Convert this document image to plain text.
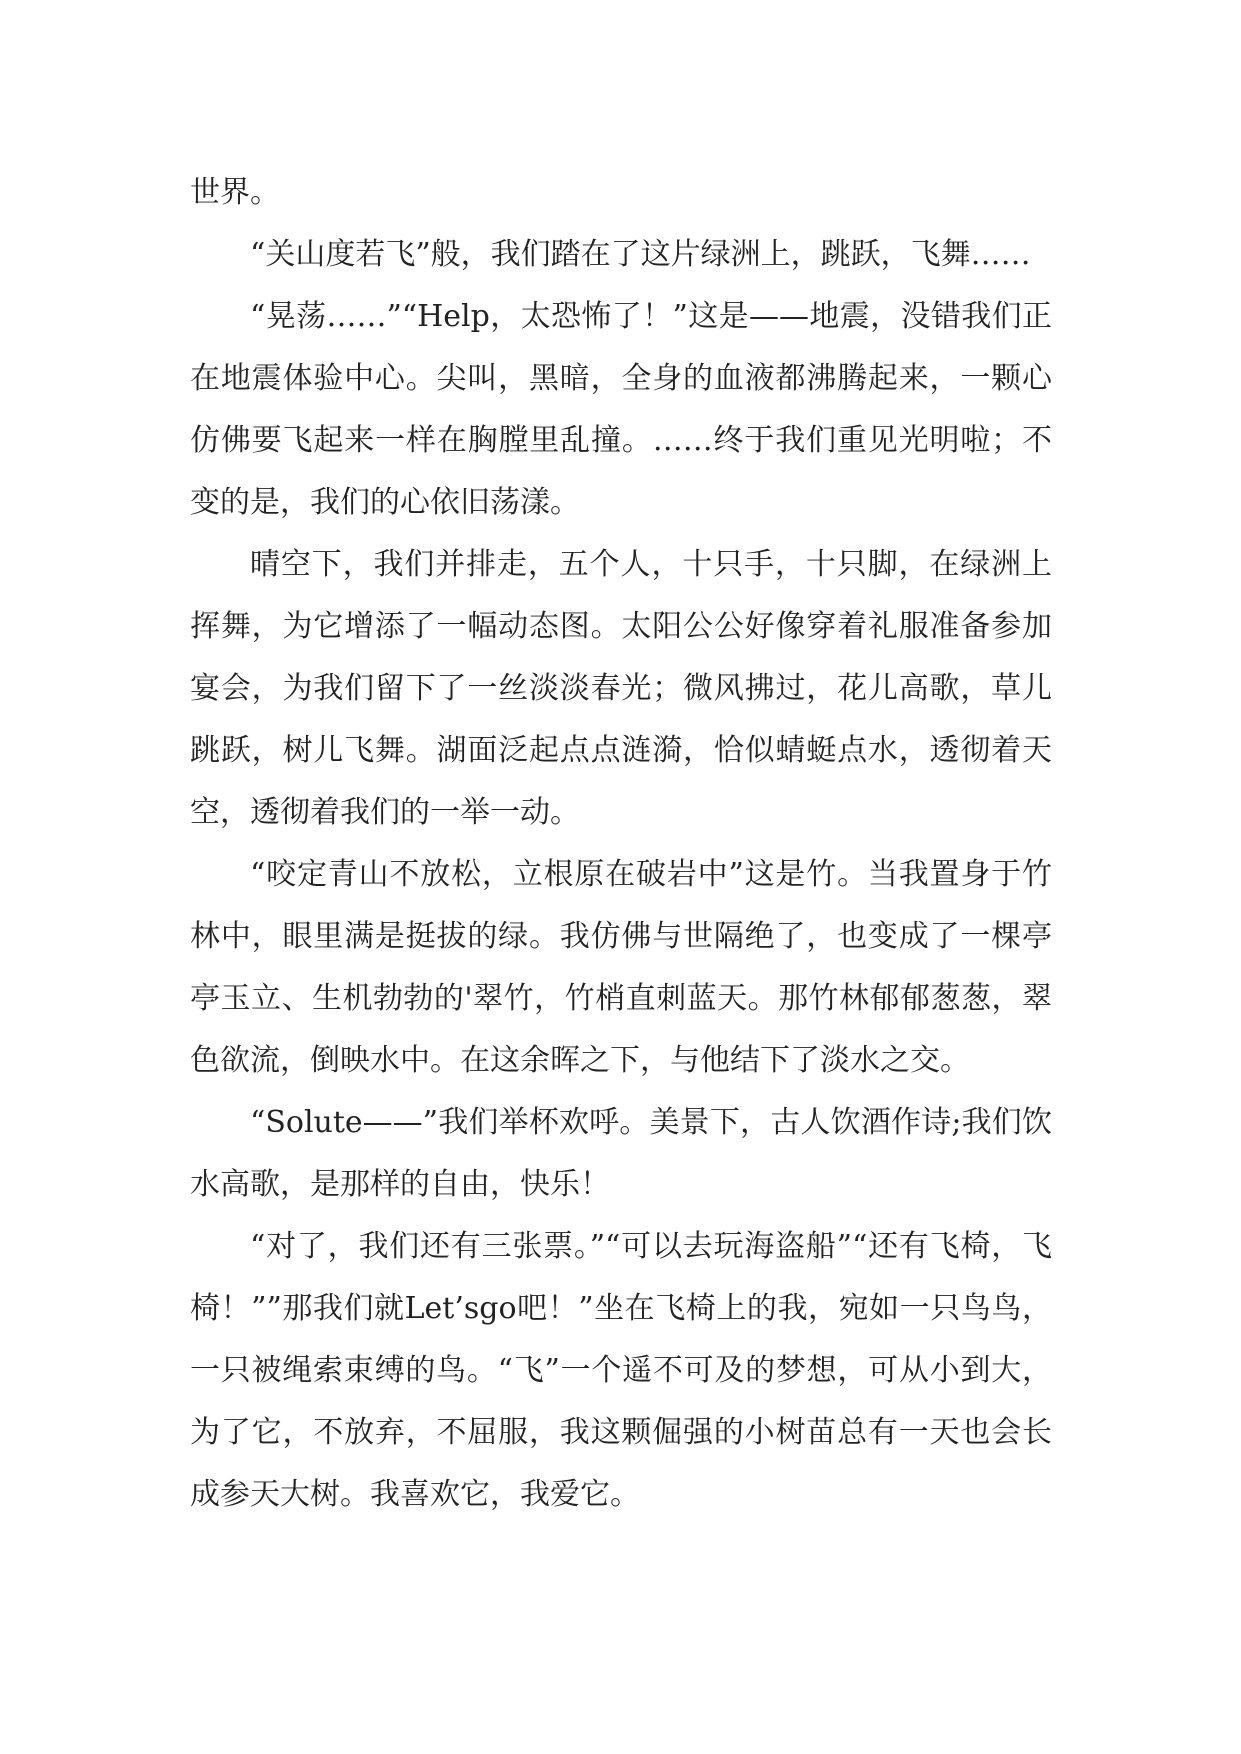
世界。

“关山度若飞”般，我们踏在了这片绿洲上，跳跃，飞舞……

“晃荡……”“Help，太恐怖了！”这是——地震，没错我们正在地震体验中心。尖叫，黑暗，全身的血液都沸腾起来，一颗心仿佛要飞起来一样在胸膛里乱撞。……终于我们重见光明啦；不变的是，我们的心依旧荡漾。

晴空下，我们并排走，五个人，十只手，十只脚，在绿洲上挥舞，为它增添了一幅动态图。太阳公公好像穿着礼服准备参加宴会，为我们留下了一丝淡淡春光；微风拂过，花儿高歌，草儿跳跃，树儿飞舞。湖面泛起点点涟漪，恰似蜻蜓点水，透彻着天空，透彻着我们的一举一动。

“咬定青山不放松，立根原在破岩中”这是竹。当我置身于竹林中，眼里满是挺拔的绿。我仿佛与世隔绝了，也变成了一棵亭亭玉立、生机勃勃的'翠竹，竹梢直刺蓝天。那竹林郁郁葱葱，翠色欲流，倒映水中。在这余晖之下，与他结下了淡水之交。

“Solute——”我们举杯欢呼。美景下，古人饮酒作诗;我们饮水高歌，是那样的自由，快乐！

“对了，我们还有三张票。”“可以去玩海盗船”“还有飞椅，飞椅！””那我们就Let’sgo吧！”坐在飞椅上的我，宛如一只鸟鸟，一只被绳索束缚的鸟。“飞”一个遥不可及的梦想，可从小到大，为了它，不放弃，不屈服，我这颗倔强的小树苗总有一天也会长成参天大树。我喜欢它，我爱它。
